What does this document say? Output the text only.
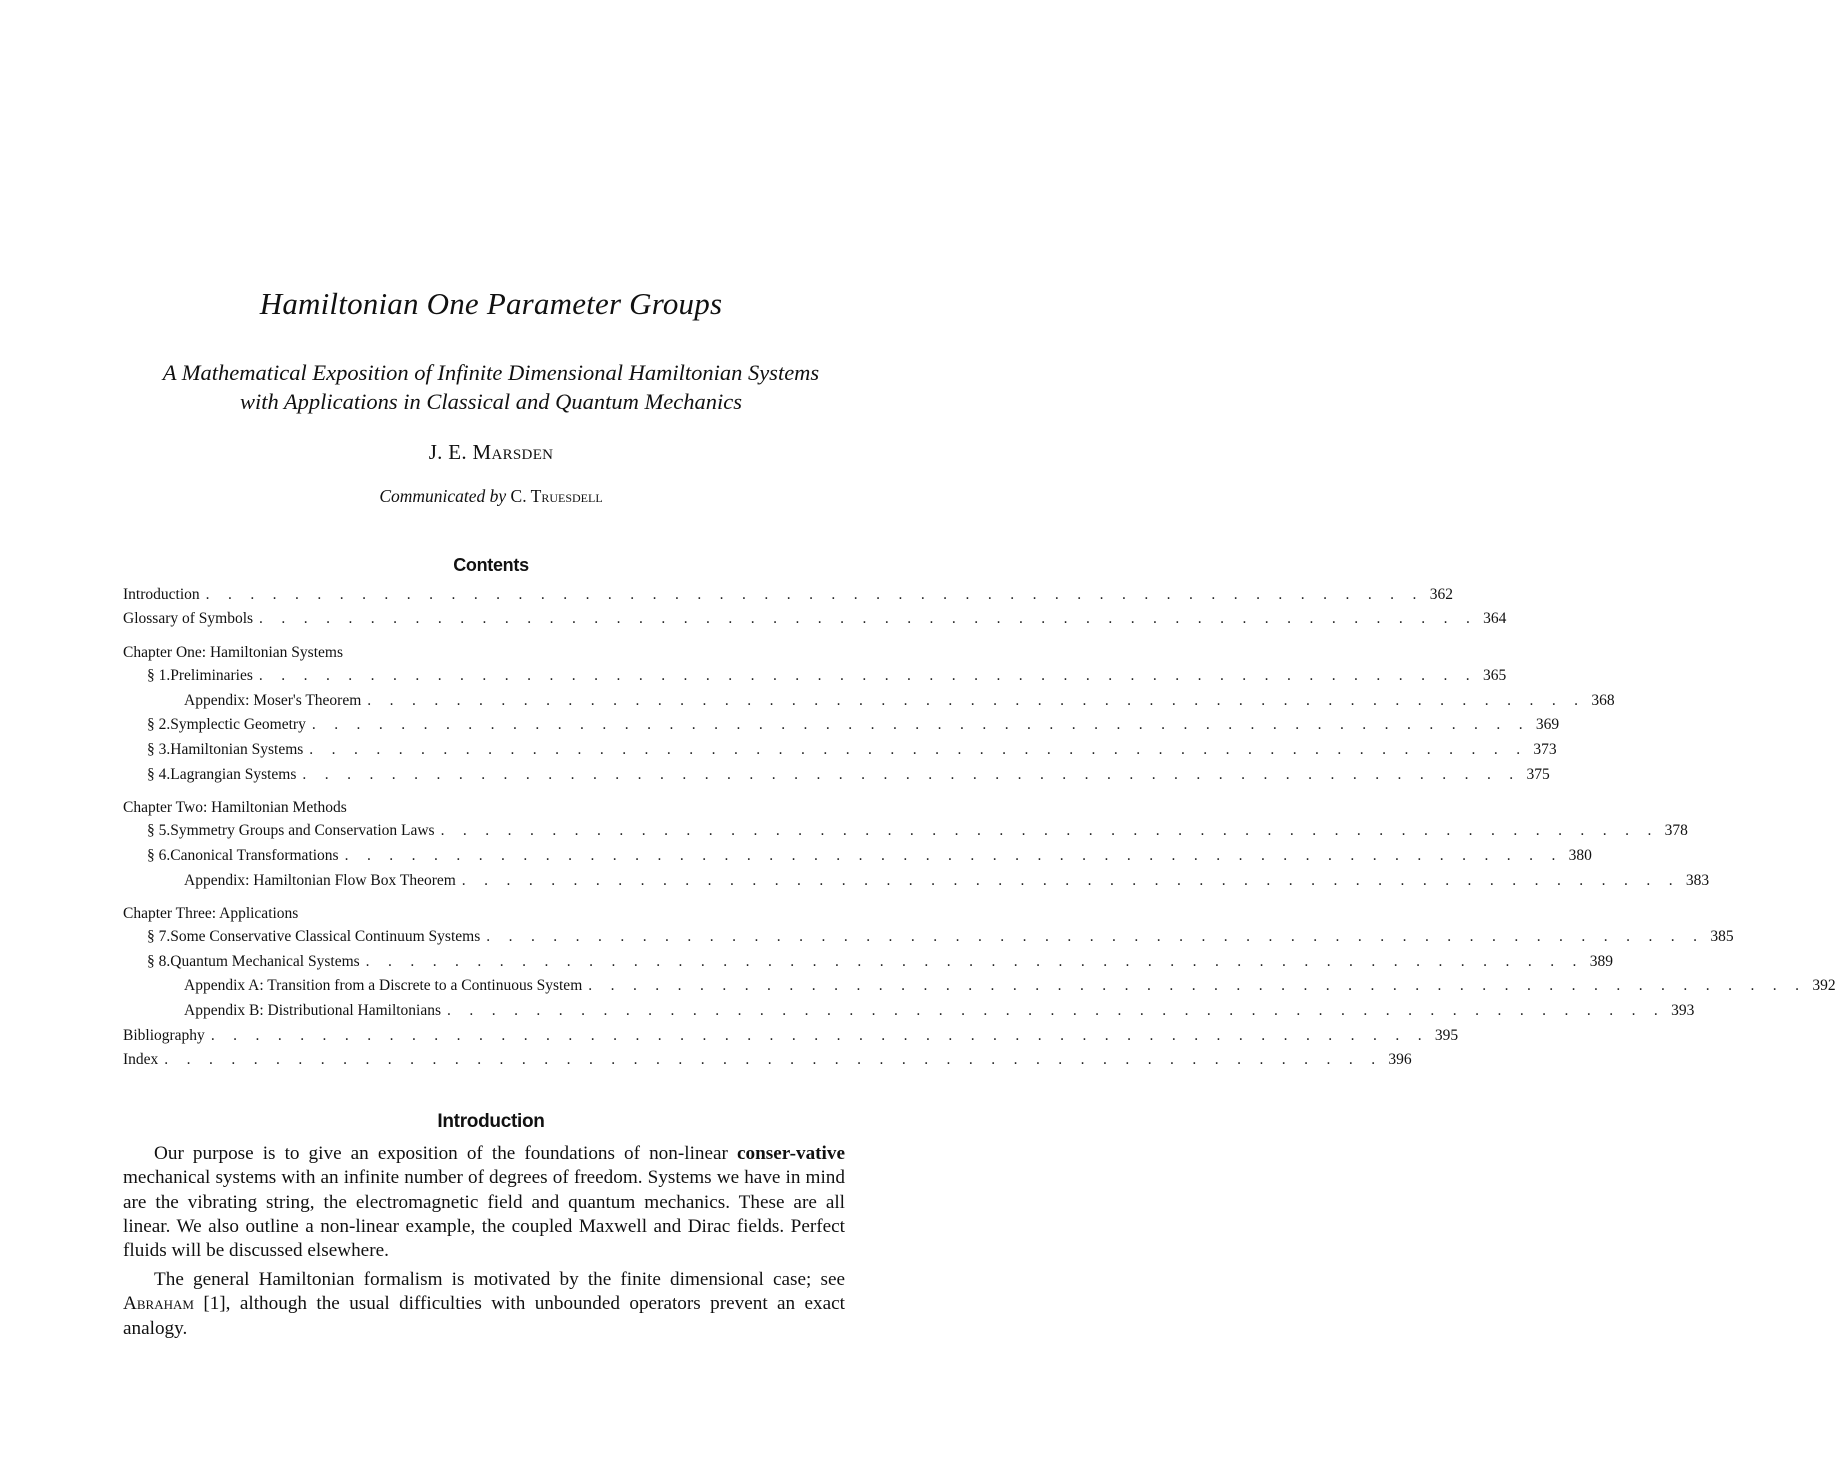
Hamiltonian One Parameter Groups
A Mathematical Exposition of Infinite Dimensional Hamiltonian Systems
with Applications in Classical and Quantum Mechanics
J. E. Marsden
Communicated by C. Truesdell
Contents
Introduction . . . . . . . . . . . . . . . . . . . . . . . . . . . . . . . . . . . . . . . . . . . . . . . . . . . . . . . 362
Glossary of Symbols . . . . . . . . . . . . . . . . . . . . . . . . . . . . . . . . . . . . . . . . . . . . . . . . . . . . . . . 364
Chapter One: Hamiltonian Systems
§ 1. Preliminaries . . . . . . . . . . . . . . . . . . . . . . . . . . . . . . . . . . . . . . . . . . . . . . . . . . . . . . . 365
Appendix: Moser's Theorem . . . . . . . . . . . . . . . . . . . . . . . . . . . . . . . . . . . . . . . . . . . . . . . . . . . . . . . 368
§ 2. Symplectic Geometry . . . . . . . . . . . . . . . . . . . . . . . . . . . . . . . . . . . . . . . . . . . . . . . . . . . . . . . 369
§ 3. Hamiltonian Systems . . . . . . . . . . . . . . . . . . . . . . . . . . . . . . . . . . . . . . . . . . . . . . . . . . . . . . . 373
§ 4. Lagrangian Systems . . . . . . . . . . . . . . . . . . . . . . . . . . . . . . . . . . . . . . . . . . . . . . . . . . . . . . . 375
Chapter Two: Hamiltonian Methods
§ 5. Symmetry Groups and Conservation Laws . . . . . . . . . . . . . . . . . . . . . . . . . . . . . . . . . . . . . . . . . . . . . . . . . . . . . . . 378
§ 6. Canonical Transformations . . . . . . . . . . . . . . . . . . . . . . . . . . . . . . . . . . . . . . . . . . . . . . . . . . . . . . . 380
Appendix: Hamiltonian Flow Box Theorem . . . . . . . . . . . . . . . . . . . . . . . . . . . . . . . . . . . . . . . . . . . . . . . . . . . . . . . 383
Chapter Three: Applications
§ 7. Some Conservative Classical Continuum Systems . . . . . . . . . . . . . . . . . . . . . . . . . . . . . . . . . . . . . . . . . . . . . . . . . . . . . . . 385
§ 8. Quantum Mechanical Systems . . . . . . . . . . . . . . . . . . . . . . . . . . . . . . . . . . . . . . . . . . . . . . . . . . . . . . . 389
Appendix A: Transition from a Discrete to a Continuous System . . . . . . . . . . . . . . . . . . . . . . . . . . . . . . . . . . . . . . . . . . . . . . . . . . . . . . . 392
Appendix B: Distributional Hamiltonians . . . . . . . . . . . . . . . . . . . . . . . . . . . . . . . . . . . . . . . . . . . . . . . . . . . . . . . 393
Bibliography . . . . . . . . . . . . . . . . . . . . . . . . . . . . . . . . . . . . . . . . . . . . . . . . . . . . . . . 395
Index . . . . . . . . . . . . . . . . . . . . . . . . . . . . . . . . . . . . . . . . . . . . . . . . . . . . . . . 396
Introduction

Our purpose is to give an exposition of the foundations of non-linear conser-vative mechanical systems with an infinite number of degrees of freedom. Systems we have in mind are the vibrating string, the electromagnetic field and quantum mechanics. These are all linear. We also outline a non-linear example, the coupled Maxwell and Dirac fields. Perfect fluids will be discussed elsewhere.

The general Hamiltonian formalism is motivated by the finite dimensional case; see Abraham [1], although the usual difficulties with unbounded operators prevent an exact analogy.
